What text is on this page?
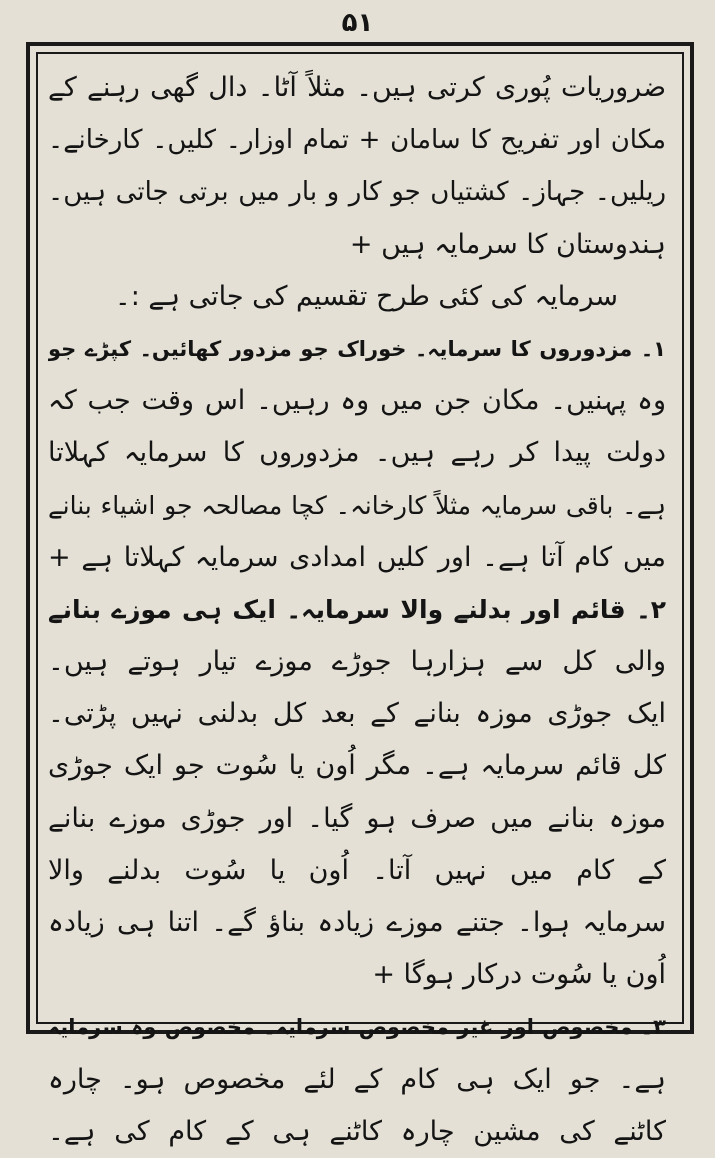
۵۱
ضروریات پُوری کرتی ہیں۔ مثلاً آٹا۔ دال گھی رہنے کے
مکان اور تفریح کا سامان + تمام اوزار۔ کلیں۔ کارخانے۔
ریلیں۔ جہاز۔ کشتیاں جو کار و بار میں برتی جاتی ہیں۔
ہندوستان کا سرمایہ ہیں +
سرمایہ کی کئی طرح تقسیم کی جاتی ہے :۔
۱۔ مزدوروں کا سرمایہ۔ خوراک جو مزدور کھائیں۔ کپڑے جو
وہ پہنیں۔ مکان جن میں وہ رہیں۔ اس وقت جب کہ
دولت پیدا کر رہے ہیں۔ مزدوروں کا سرمایہ کہلاتا
ہے۔ باقی سرمایہ مثلاً کارخانہ۔ کچا مصالحہ جو اشیاء بنانے
میں کام آتا ہے۔ اور کلیں امدادی سرمایہ کہلاتا ہے +
۲۔ قائم اور بدلنے والا سرمایہ۔ ایک ہی موزے بنانے
والی کل سے ہزارہا جوڑے موزے تیار ہوتے ہیں۔
ایک جوڑی موزہ بنانے کے بعد کل بدلنی نہیں پڑتی۔
کل قائم سرمایہ ہے۔ مگر اُون یا سُوت جو ایک جوڑی
موزہ بنانے میں صرف ہو گیا۔ اور جوڑی موزے بنانے
کے کام میں نہیں آتا۔ اُون یا سُوت بدلنے والا
سرمایہ ہوا۔ جتنے موزے زیادہ بناؤ گے۔ اتنا ہی زیادہ
اُون یا سُوت درکار ہوگا +
۳۔ مخصوص اور غیر مخصوص سرمایہ۔ مخصوص وہ سرمایہ
ہے۔ جو ایک ہی کام کے لئے مخصوص ہو۔ چارہ
کاٹنے کی مشین چارہ کاٹنے ہی کے کام کی ہے۔
